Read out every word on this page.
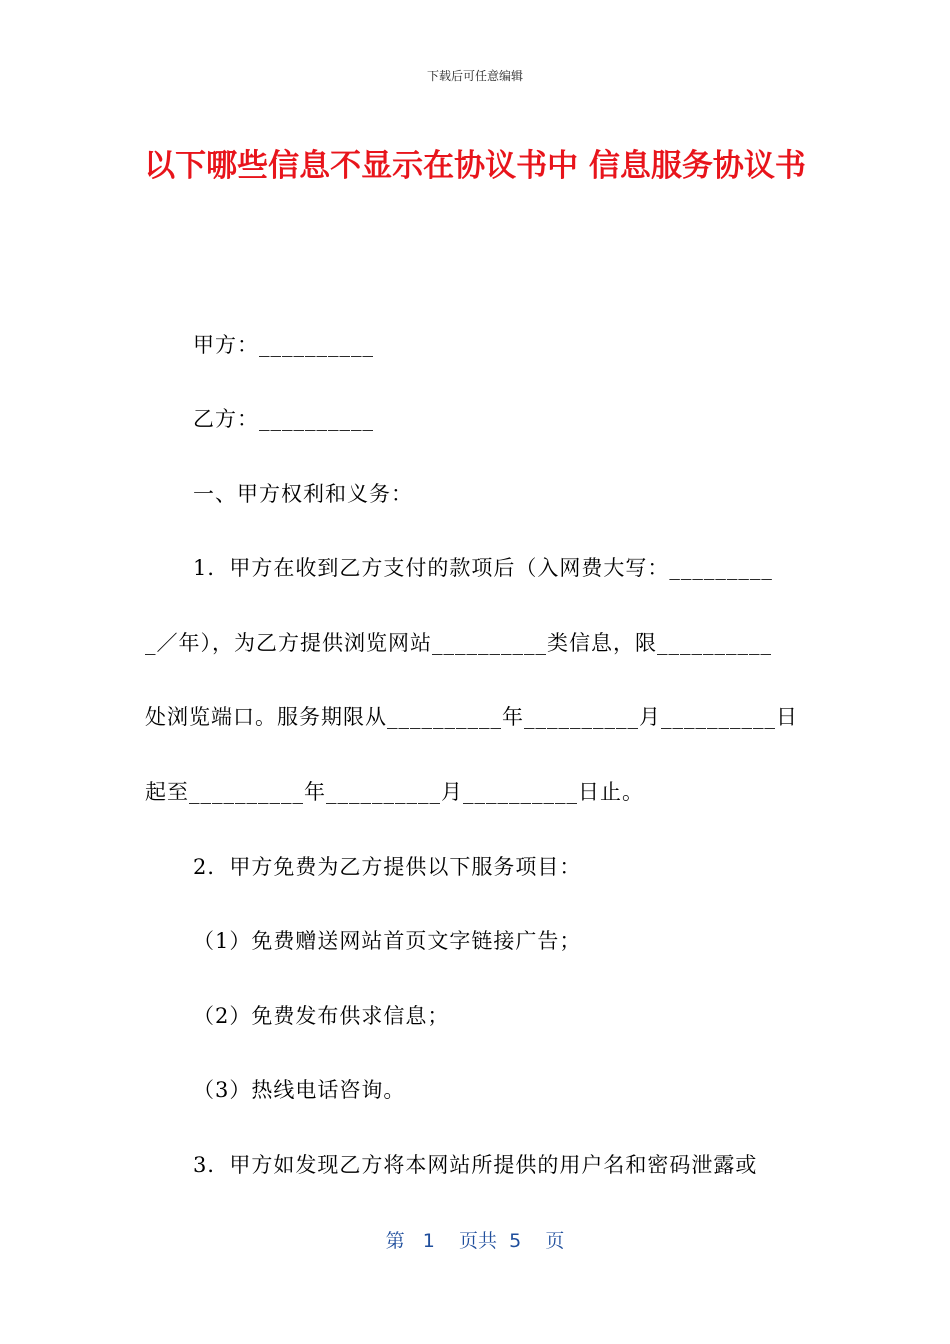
下载后可任意编辑
以下哪些信息不显示在协议书中 信息服务协议书

甲方：__________

乙方：__________

一、甲方权利和义务：

1．甲方在收到乙方支付的款项后（入网费大写：_________

_／年），为乙方提供浏览网站__________类信息，限__________

处浏览端口。服务期限从__________年__________月__________日

起至__________年__________月__________日止。

2．甲方免费为乙方提供以下服务项目：

（1）免费赠送网站首页文字链接广告；

（2）免费发布供求信息；

（3）热线电话咨询。

3．甲方如发现乙方将本网站所提供的用户名和密码泄露或

第 1 页共 5 页
